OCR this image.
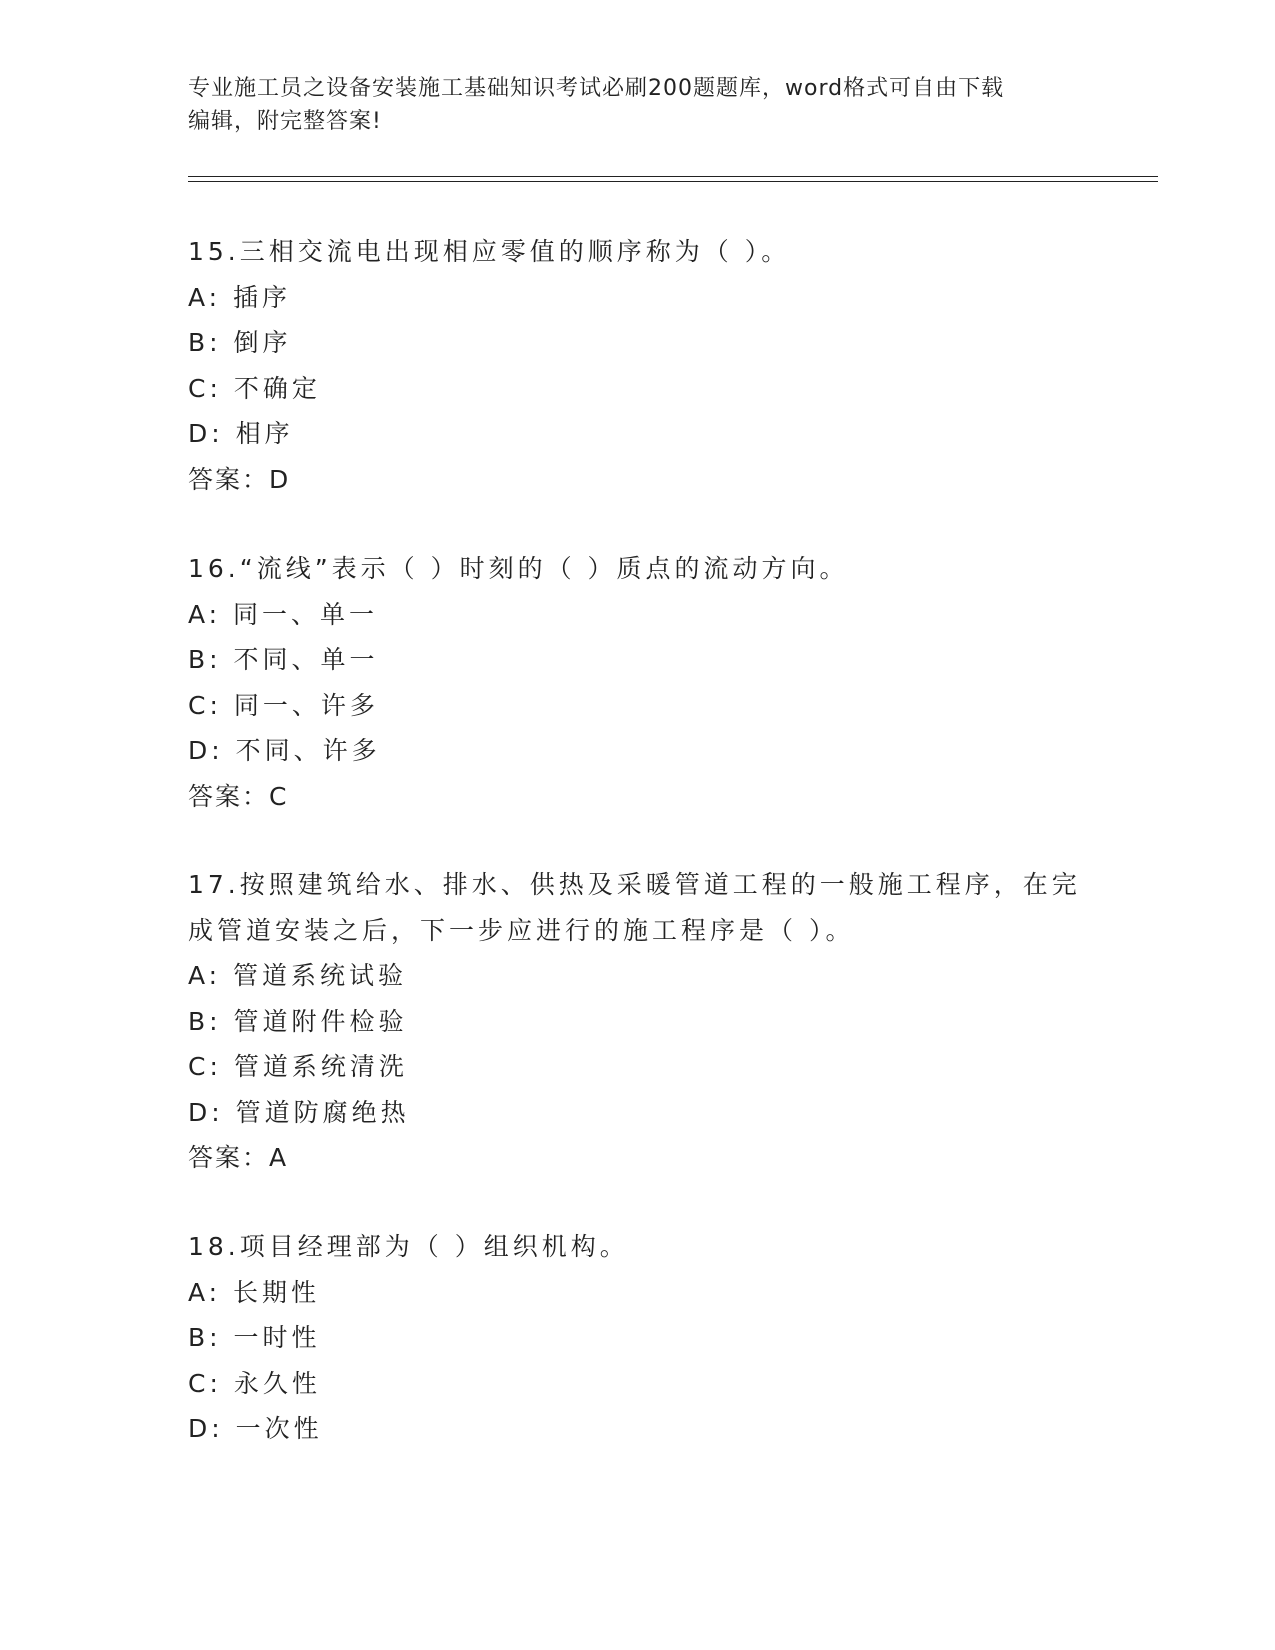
专业施工员之设备安装施工基础知识考试必刷200题题库，word格式可自由下载
编辑，附完整答案!
15.三相交流电出现相应零值的顺序称为（ ）。
A: 插序
B: 倒序
C: 不确定
D: 相序
答案：D
16.“流线”表示（ ）时刻的（ ）质点的流动方向。
A: 同一、单一
B: 不同、单一
C: 同一、许多
D: 不同、许多
答案：C
17.按照建筑给水、排水、供热及采暖管道工程的一般施工程序，在完
成管道安装之后，下一步应进行的施工程序是（ ）。
A: 管道系统试验
B: 管道附件检验
C: 管道系统清洗
D: 管道防腐绝热
答案：A
18.项目经理部为（ ）组织机构。
A: 长期性
B: 一时性
C: 永久性
D: 一次性
